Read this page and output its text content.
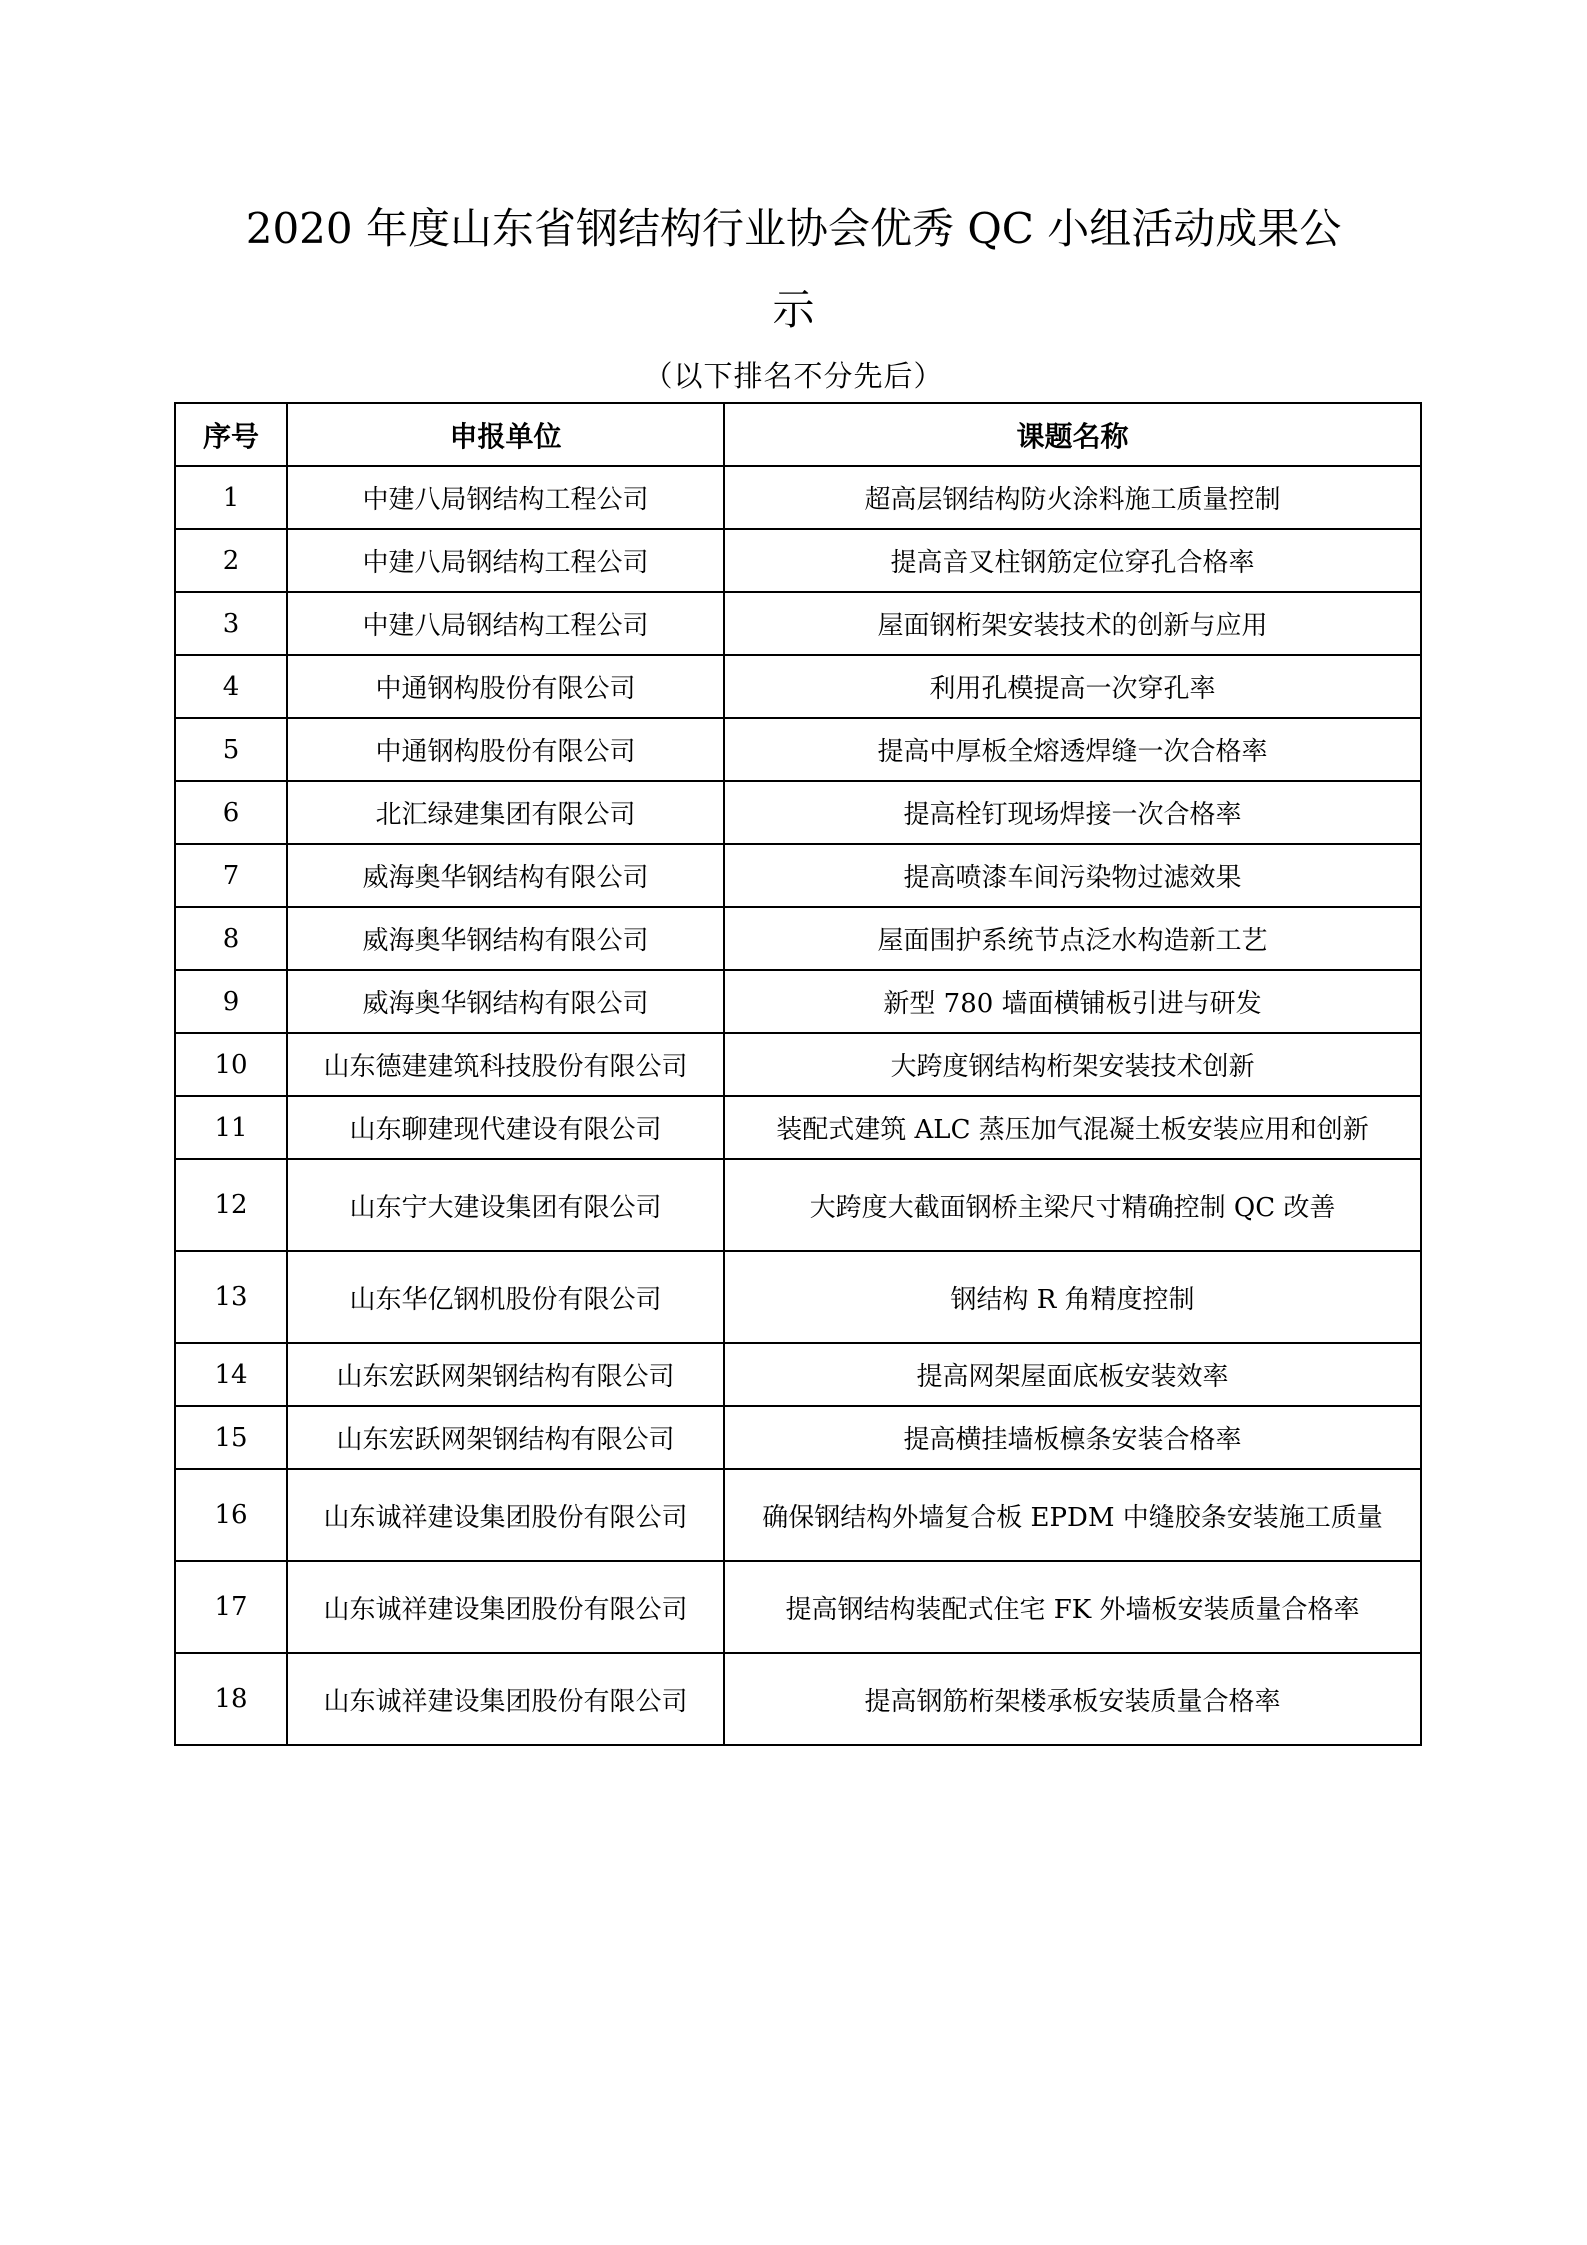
2020 年度山东省钢结构行业协会优秀 QC 小组活动成果公
示
（以下排名不分先后）
序号	申报单位	课题名称
1	中建八局钢结构工程公司	超高层钢结构防火涂料施工质量控制
2	中建八局钢结构工程公司	提高音叉柱钢筋定位穿孔合格率
3	中建八局钢结构工程公司	屋面钢桁架安装技术的创新与应用
4	中通钢构股份有限公司	利用孔模提高一次穿孔率
5	中通钢构股份有限公司	提高中厚板全熔透焊缝一次合格率
6	北汇绿建集团有限公司	提高栓钉现场焊接一次合格率
7	威海奥华钢结构有限公司	提高喷漆车间污染物过滤效果
8	威海奥华钢结构有限公司	屋面围护系统节点泛水构造新工艺
9	威海奥华钢结构有限公司	新型 780 墙面横铺板引进与研发
10	山东德建建筑科技股份有限公司	大跨度钢结构桁架安装技术创新
11	山东聊建现代建设有限公司	装配式建筑 ALC 蒸压加气混凝土板安装应用和创新
12	山东宁大建设集团有限公司	大跨度大截面钢桥主梁尺寸精确控制 QC 改善
13	山东华亿钢机股份有限公司	钢结构 R 角精度控制
14	山东宏跃网架钢结构有限公司	提高网架屋面底板安装效率
15	山东宏跃网架钢结构有限公司	提高横挂墙板檩条安装合格率
16	山东诚祥建设集团股份有限公司	确保钢结构外墙复合板 EPDM 中缝胶条安装施工质量
17	山东诚祥建设集团股份有限公司	提高钢结构装配式住宅 FK 外墙板安装质量合格率
18	山东诚祥建设集团股份有限公司	提高钢筋桁架楼承板安装质量合格率
